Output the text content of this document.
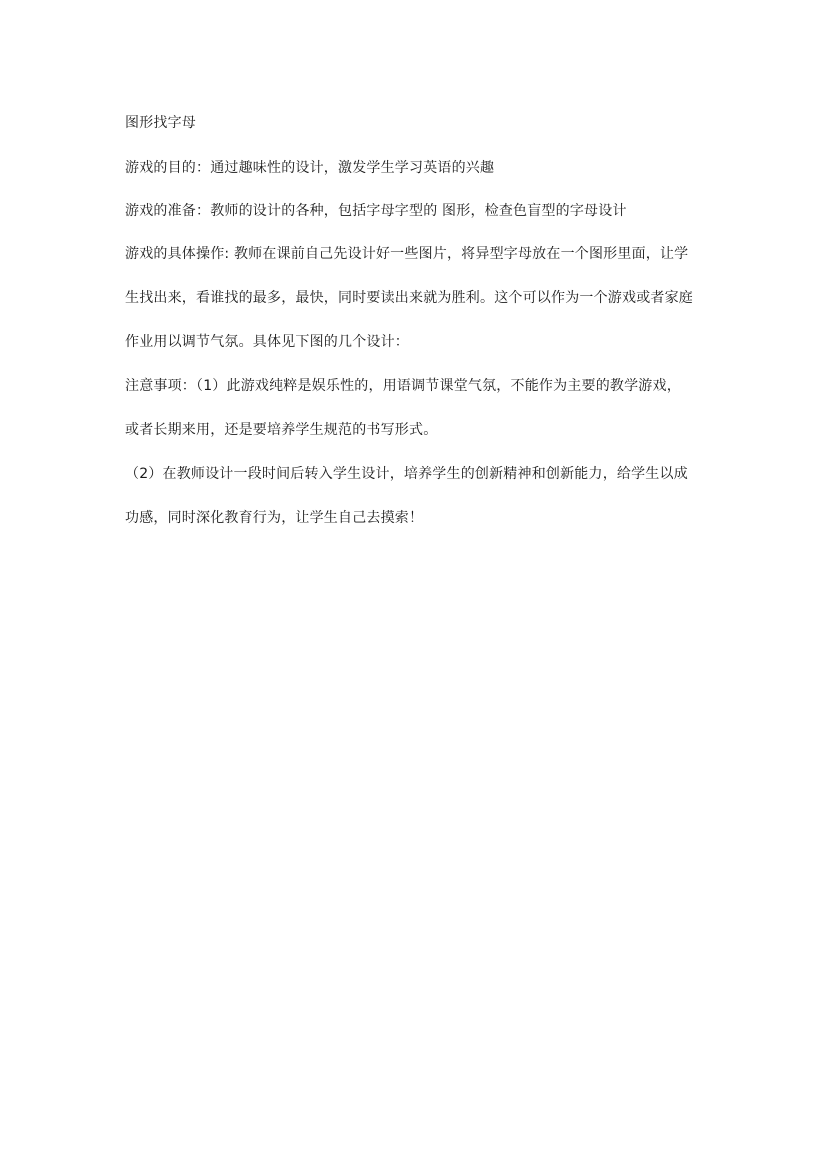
图形找字母
游戏的目的：通过趣味性的设计，激发学生学习英语的兴趣
游戏的准备：教师的设计的各种，包括字母字型的 图形，检查色盲型的字母设计
游戏的具体操作: 教师在课前自己先设计好一些图片，将异型字母放在一个图形里面，让学
生找出来，看谁找的最多，最快，同时要读出来就为胜利。这个可以作为一个游戏或者家庭
作业用以调节气氛。具体见下图的几个设计：
注意事项：（1）此游戏纯粹是娱乐性的，用语调节课堂气氛，不能作为主要的教学游戏，
或者长期来用，还是要培养学生规范的书写形式。
（2）在教师设计一段时间后转入学生设计，培养学生的创新精神和创新能力，给学生以成
功感，同时深化教育行为，让学生自己去摸索！
